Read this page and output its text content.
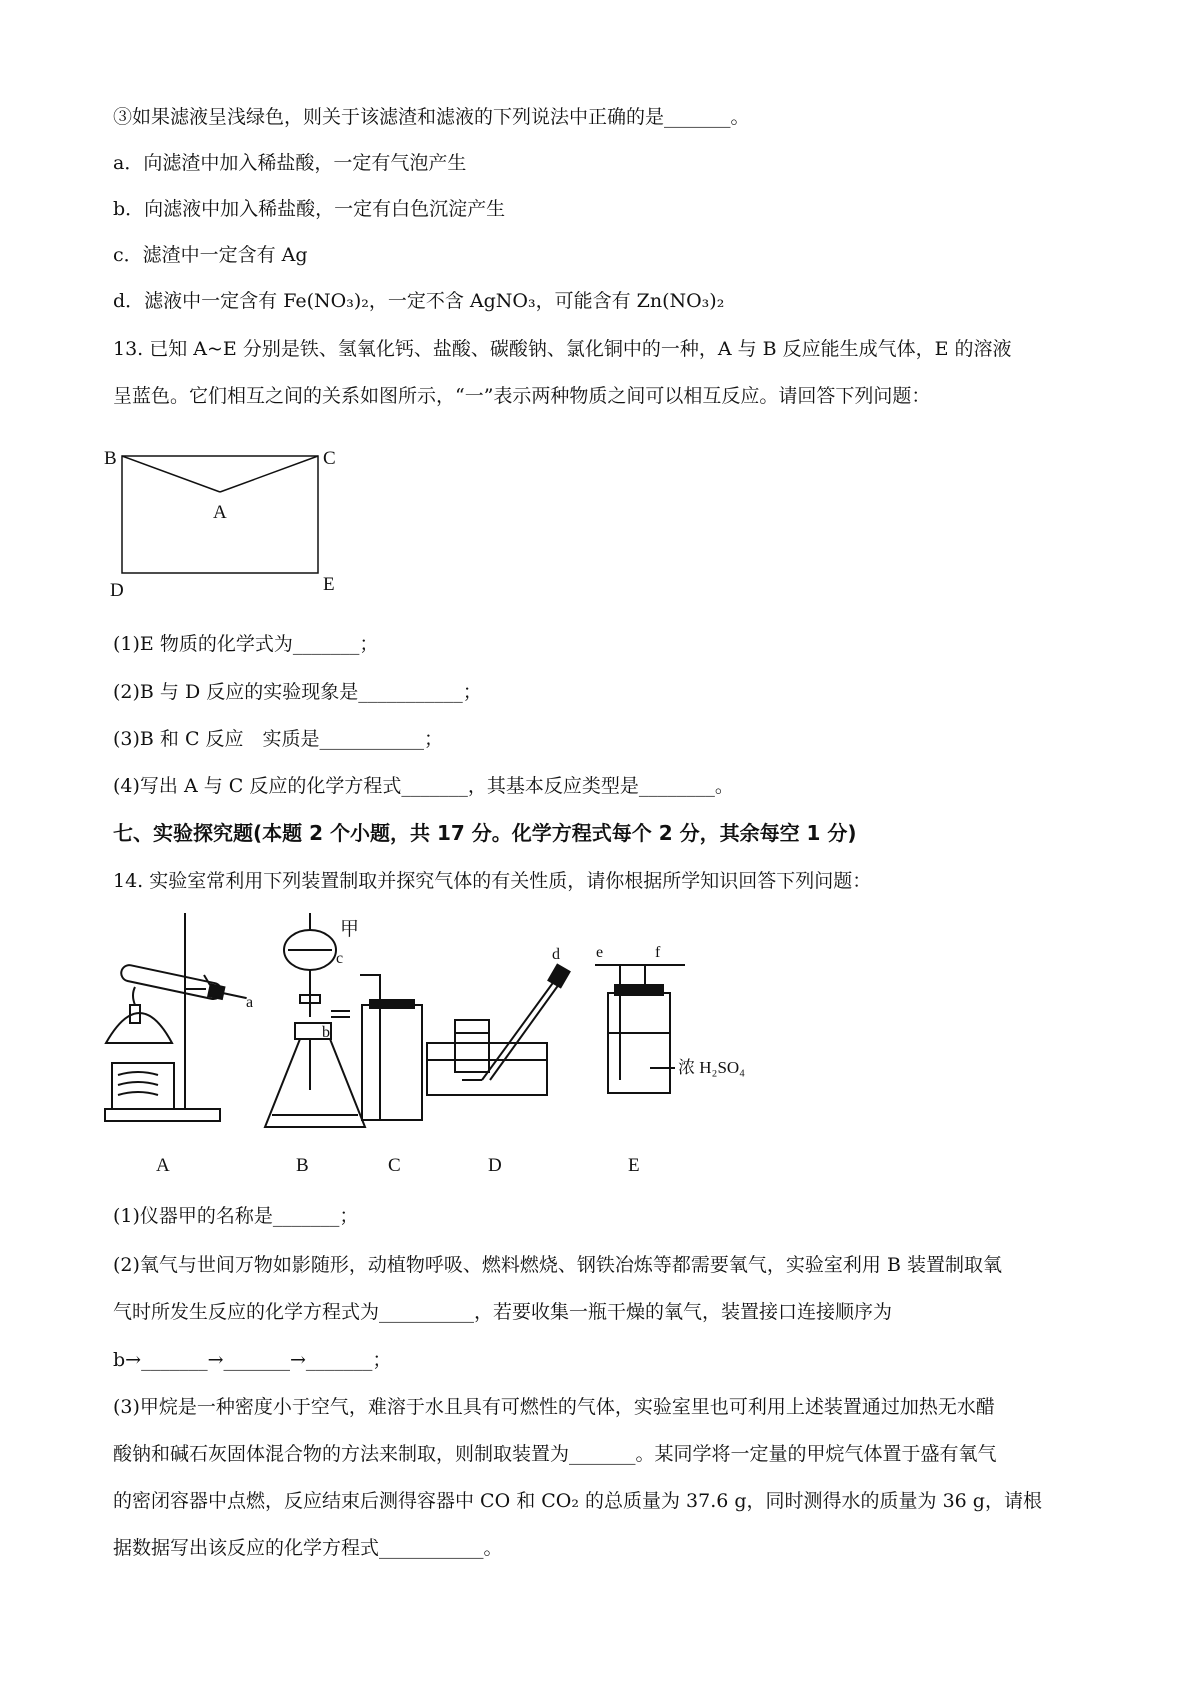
③如果滤液呈浅绿色，则关于该滤渣和滤液的下列说法中正确的是_______。
a．向滤渣中加入稀盐酸，一定有气泡产生
b．向滤液中加入稀盐酸，一定有白色沉淀产生
c．滤渣中一定含有 Ag
d．滤液中一定含有 Fe(NO₃)₂，一定不含 AgNO₃，可能含有 Zn(NO₃)₂
13. 已知 A~E 分别是铁、氢氧化钙、盐酸、碳酸钠、氯化铜中的一种，A 与 B 反应能生成气体，E 的溶液
呈蓝色。它们相互之间的关系如图所示，“一”表示两种物质之间可以相互反应。请回答下列问题：
B	C
A
D	E
(1)E 物质的化学式为_______；
(2)B 与 D 反应的实验现象是___________；
(3)B 和 C 反应　实质是___________；
(4)写出 A 与 C 反应的化学方程式_______，其基本反应类型是________。
七、实验探究题(本题 2 个小题，共 17 分。化学方程式每个 2 分，其余每空 1 分)
14. 实验室常利用下列装置制取并探究气体的有关性质，请你根据所学知识回答下列问题：
甲
a
b
c	d e	f
浓 H₂SO₄
A	B	C	D	E
(1)仪器甲的名称是_______；
(2)氧气与世间万物如影随形，动植物呼吸、燃料燃烧、钢铁冶炼等都需要氧气，实验室利用 B 装置制取氧
气时所发生反应的化学方程式为__________，若要收集一瓶干燥的氧气，装置接口连接顺序为
b→_______→_______→_______；
(3)甲烷是一种密度小于空气，难溶于水且具有可燃性的气体，实验室里也可利用上述装置通过加热无水醋
酸钠和碱石灰固体混合物的方法来制取，则制取装置为_______。某同学将一定量的甲烷气体置于盛有氧气
的密闭容器中点燃，反应结束后测得容器中 CO 和 CO₂ 的总质量为 37.6 g，同时测得水的质量为 36 g，请根
据数据写出该反应的化学方程式___________。
